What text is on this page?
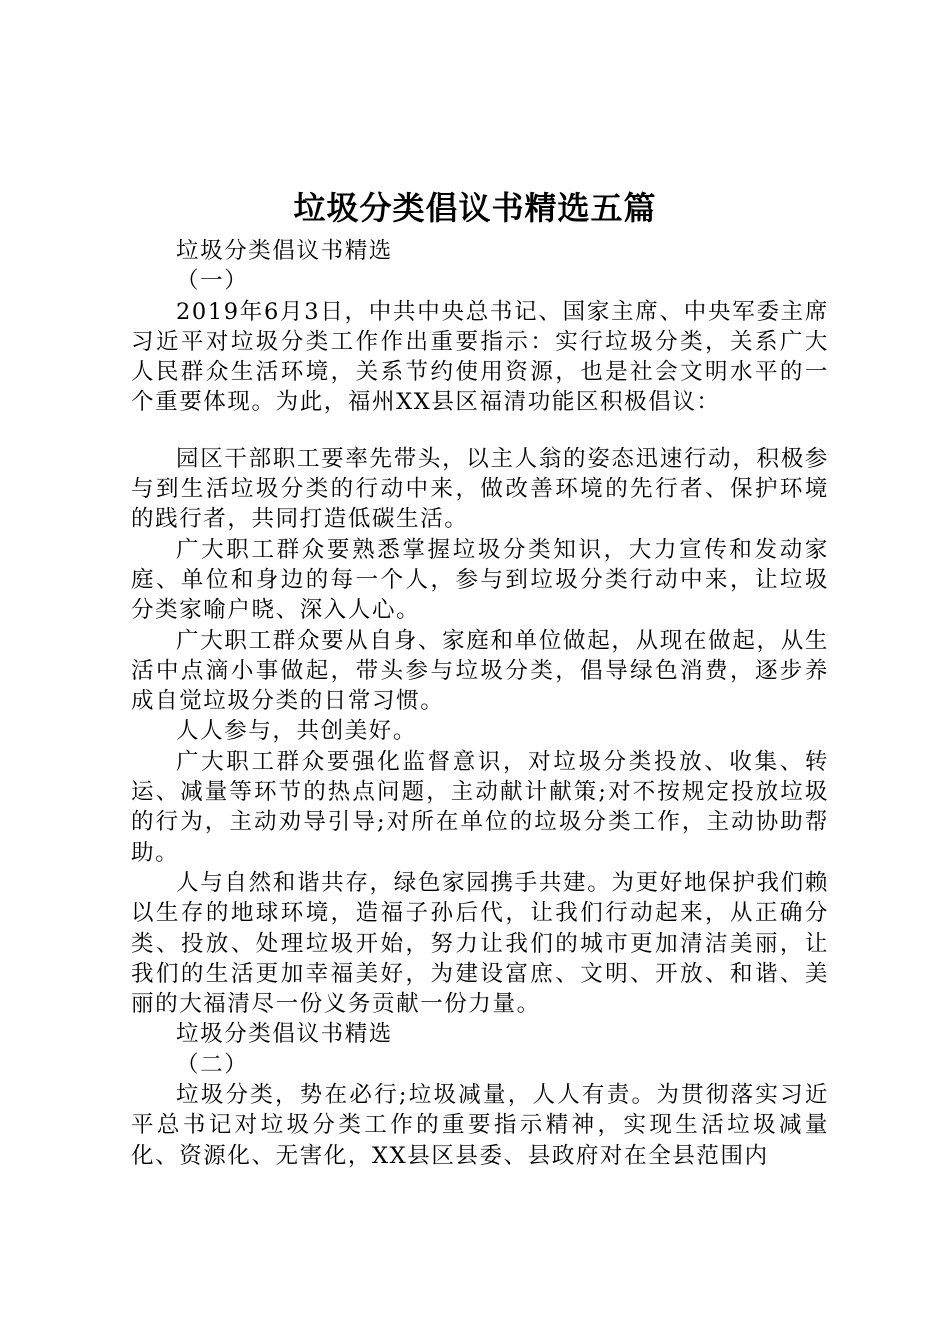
垃圾分类倡议书精选五篇

垃圾分类倡议书精选

（一）

2019年6月3日，中共中央总书记、国家主席、中央军委主席习近平对垃圾分类工作作出重要指示：实行垃圾分类，关系广大人民群众生活环境，关系节约使用资源，也是社会文明水平的一个重要体现。为此，福州XX县区福清功能区积极倡议：

园区干部职工要率先带头，以主人翁的姿态迅速行动，积极参与到生活垃圾分类的行动中来，做改善环境的先行者、保护环境的践行者，共同打造低碳生活。

广大职工群众要熟悉掌握垃圾分类知识，大力宣传和发动家庭、单位和身边的每一个人，参与到垃圾分类行动中来，让垃圾分类家喻户晓、深入人心。

广大职工群众要从自身、家庭和单位做起，从现在做起，从生活中点滴小事做起，带头参与垃圾分类，倡导绿色消费，逐步养成自觉垃圾分类的日常习惯。

人人参与，共创美好。

广大职工群众要强化监督意识，对垃圾分类投放、收集、转运、减量等环节的热点问题，主动献计献策;对不按规定投放垃圾的行为，主动劝导引导;对所在单位的垃圾分类工作，主动协助帮助。

人与自然和谐共存，绿色家园携手共建。为更好地保护我们赖以生存的地球环境，造福子孙后代，让我们行动起来，从正确分类、投放、处理垃圾开始，努力让我们的城市更加清洁美丽，让我们的生活更加幸福美好，为建设富庶、文明、开放、和谐、美丽的大福清尽一份义务贡献一份力量。

垃圾分类倡议书精选

（二）

垃圾分类，势在必行;垃圾减量，人人有责。为贯彻落实习近平总书记对垃圾分类工作的重要指示精神，实现生活垃圾减量化、资源化、无害化，XX县区县委、县政府对在全县范围内
